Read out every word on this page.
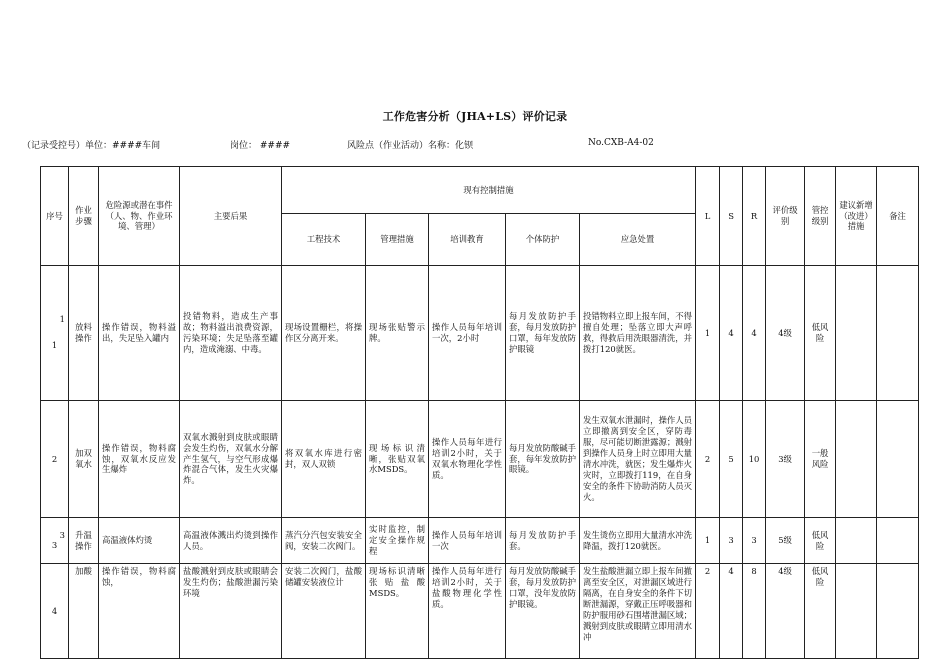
工作危害分析（JHA+LS）评价记录
（记录受控号）单位：####车间	岗位： ####	风险点（作业活动）名称：化钡	No.CXB-A4-02
序号	作业步骤	危险源或潜在事件（人、物、作业环境、管理）	主要后果	现有控制措施					L	S	R	评价级别	管控级别	建议新增（改进）措施	备注
				工程技术	管理措施	培训教育	个体防护	应急处置							

1
1	放料操作	操作错误，物料溢出，失足坠入罐内	投错物料，造成生产事故；物料溢出浪费资源，污染环境；失足坠落至罐内，造成淹溺、中毒。	现场设置栅栏，将操作区分离开来。	现场张贴警示牌。	操作人员每年培训一次，2小时	每月发放防护手套，每月发放防护口罩，每年发放防护眼镜	投错物料立即上报车间，不得擅自处理；坠落立即大声呼救，得救后用洗眼器清洗，并拨打120就医。	1	4	4	4级	低风险		
2	加双氧水	操作错误，物料腐蚀，双氧水反应发生爆炸	双氧水溅射到皮肤或眼睛会发生灼伤，双氧水分解产生氢气，与空气形成爆炸混合气体，发生火灾爆炸。	将双氧水库进行密封，双人双锁	现场标识清晰，张贴双氧水MSDS。	操作人员每年进行培训2小时，关于双氧水物理化学性质。	每月发放防酸碱手套，每年发放防护眼镜。	发生双氧水泄漏时，操作人员立即撤离到安全区，穿防毒服，尽可能切断泄露源；溅射到操作人员身上时立即用大量清水冲洗，就医；发生爆炸火灾时，立即拨打119，在自身安全的条件下协助消防人员灭火。	2	5	10	3级	一般风险		

3
3	升温操作	高温液体灼烫	高温液体溅出灼烫到操作人员。	蒸汽分汽包安装安全阀，安装二次阀门。	实时监控，制定安全操作规程	操作人员每年培训一次	每月发放防护手套。	发生烫伤立即用大量清水冲洗降温，拨打120就医。	1	3	3	5级	低风险		
4	加酸	操作错误，物料腐蚀，	盐酸溅射到皮肤或眼睛会发生灼伤；盐酸泄漏污染环境	安装二次阀门，盐酸储罐安装液位计	现场标识清晰张贴盐酸MSDS。	操作人员每年进行培训2小时，关于盐酸物理化学性质。	每月发放防酸碱手套，每月发放防护口罩，没年发放防护眼镜。	发生盐酸泄漏立即上报车间撤离至安全区，对泄漏区域进行隔离，在自身安全的条件下切断泄漏源，穿戴正压呼吸器和防护服用砂石围堵泄漏区域；溅射到皮肤或眼睛立即用清水冲	2	4	8	4级	低风险		
